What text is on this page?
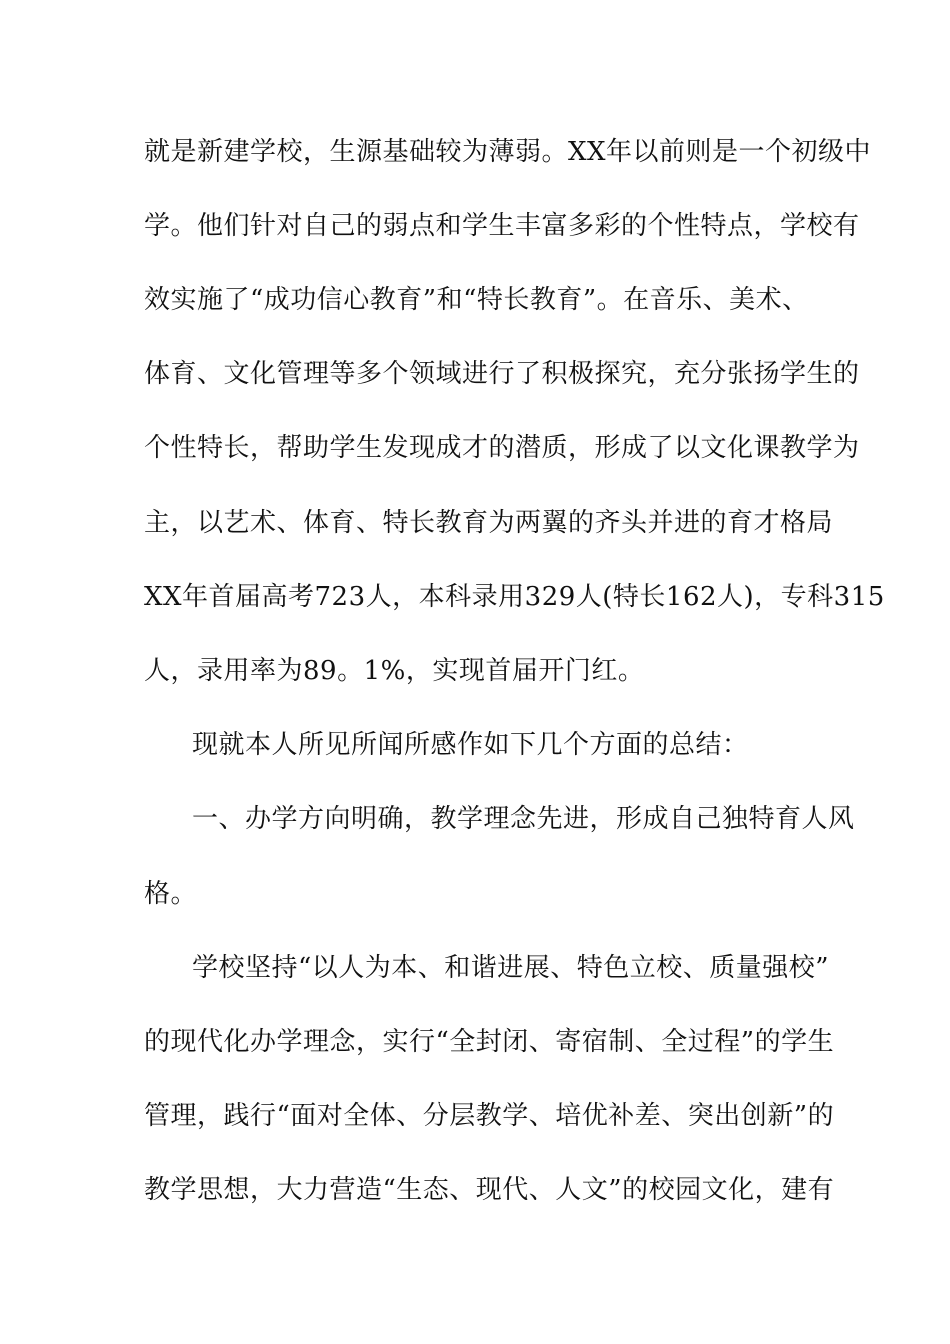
就是新建学校，生源基础较为薄弱。XX年以前则是一个初级中
学。他们针对自己的弱点和学生丰富多彩的个性特点，学校有
效实施了“成功信心教育”和“特长教育”。在音乐、美术、
体育、文化管理等多个领域进行了积极探究，充分张扬学生的
个性特长，帮助学生发现成才的潜质，形成了以文化课教学为
主，以艺术、体育、特长教育为两翼的齐头并进的育才格局
XX年首届高考723人，本科录用329人(特长162人)，专科315
人，录用率为89。1%，实现首届开门红。
现就本人所见所闻所感作如下几个方面的总结：
一、办学方向明确，教学理念先进，形成自己独特育人风
格。
学校坚持“以人为本、和谐进展、特色立校、质量强校”
的现代化办学理念，实行“全封闭、寄宿制、全过程”的学生
管理，践行“面对全体、分层教学、培优补差、突出创新”的
教学思想，大力营造“生态、现代、人文”的校园文化，建有
